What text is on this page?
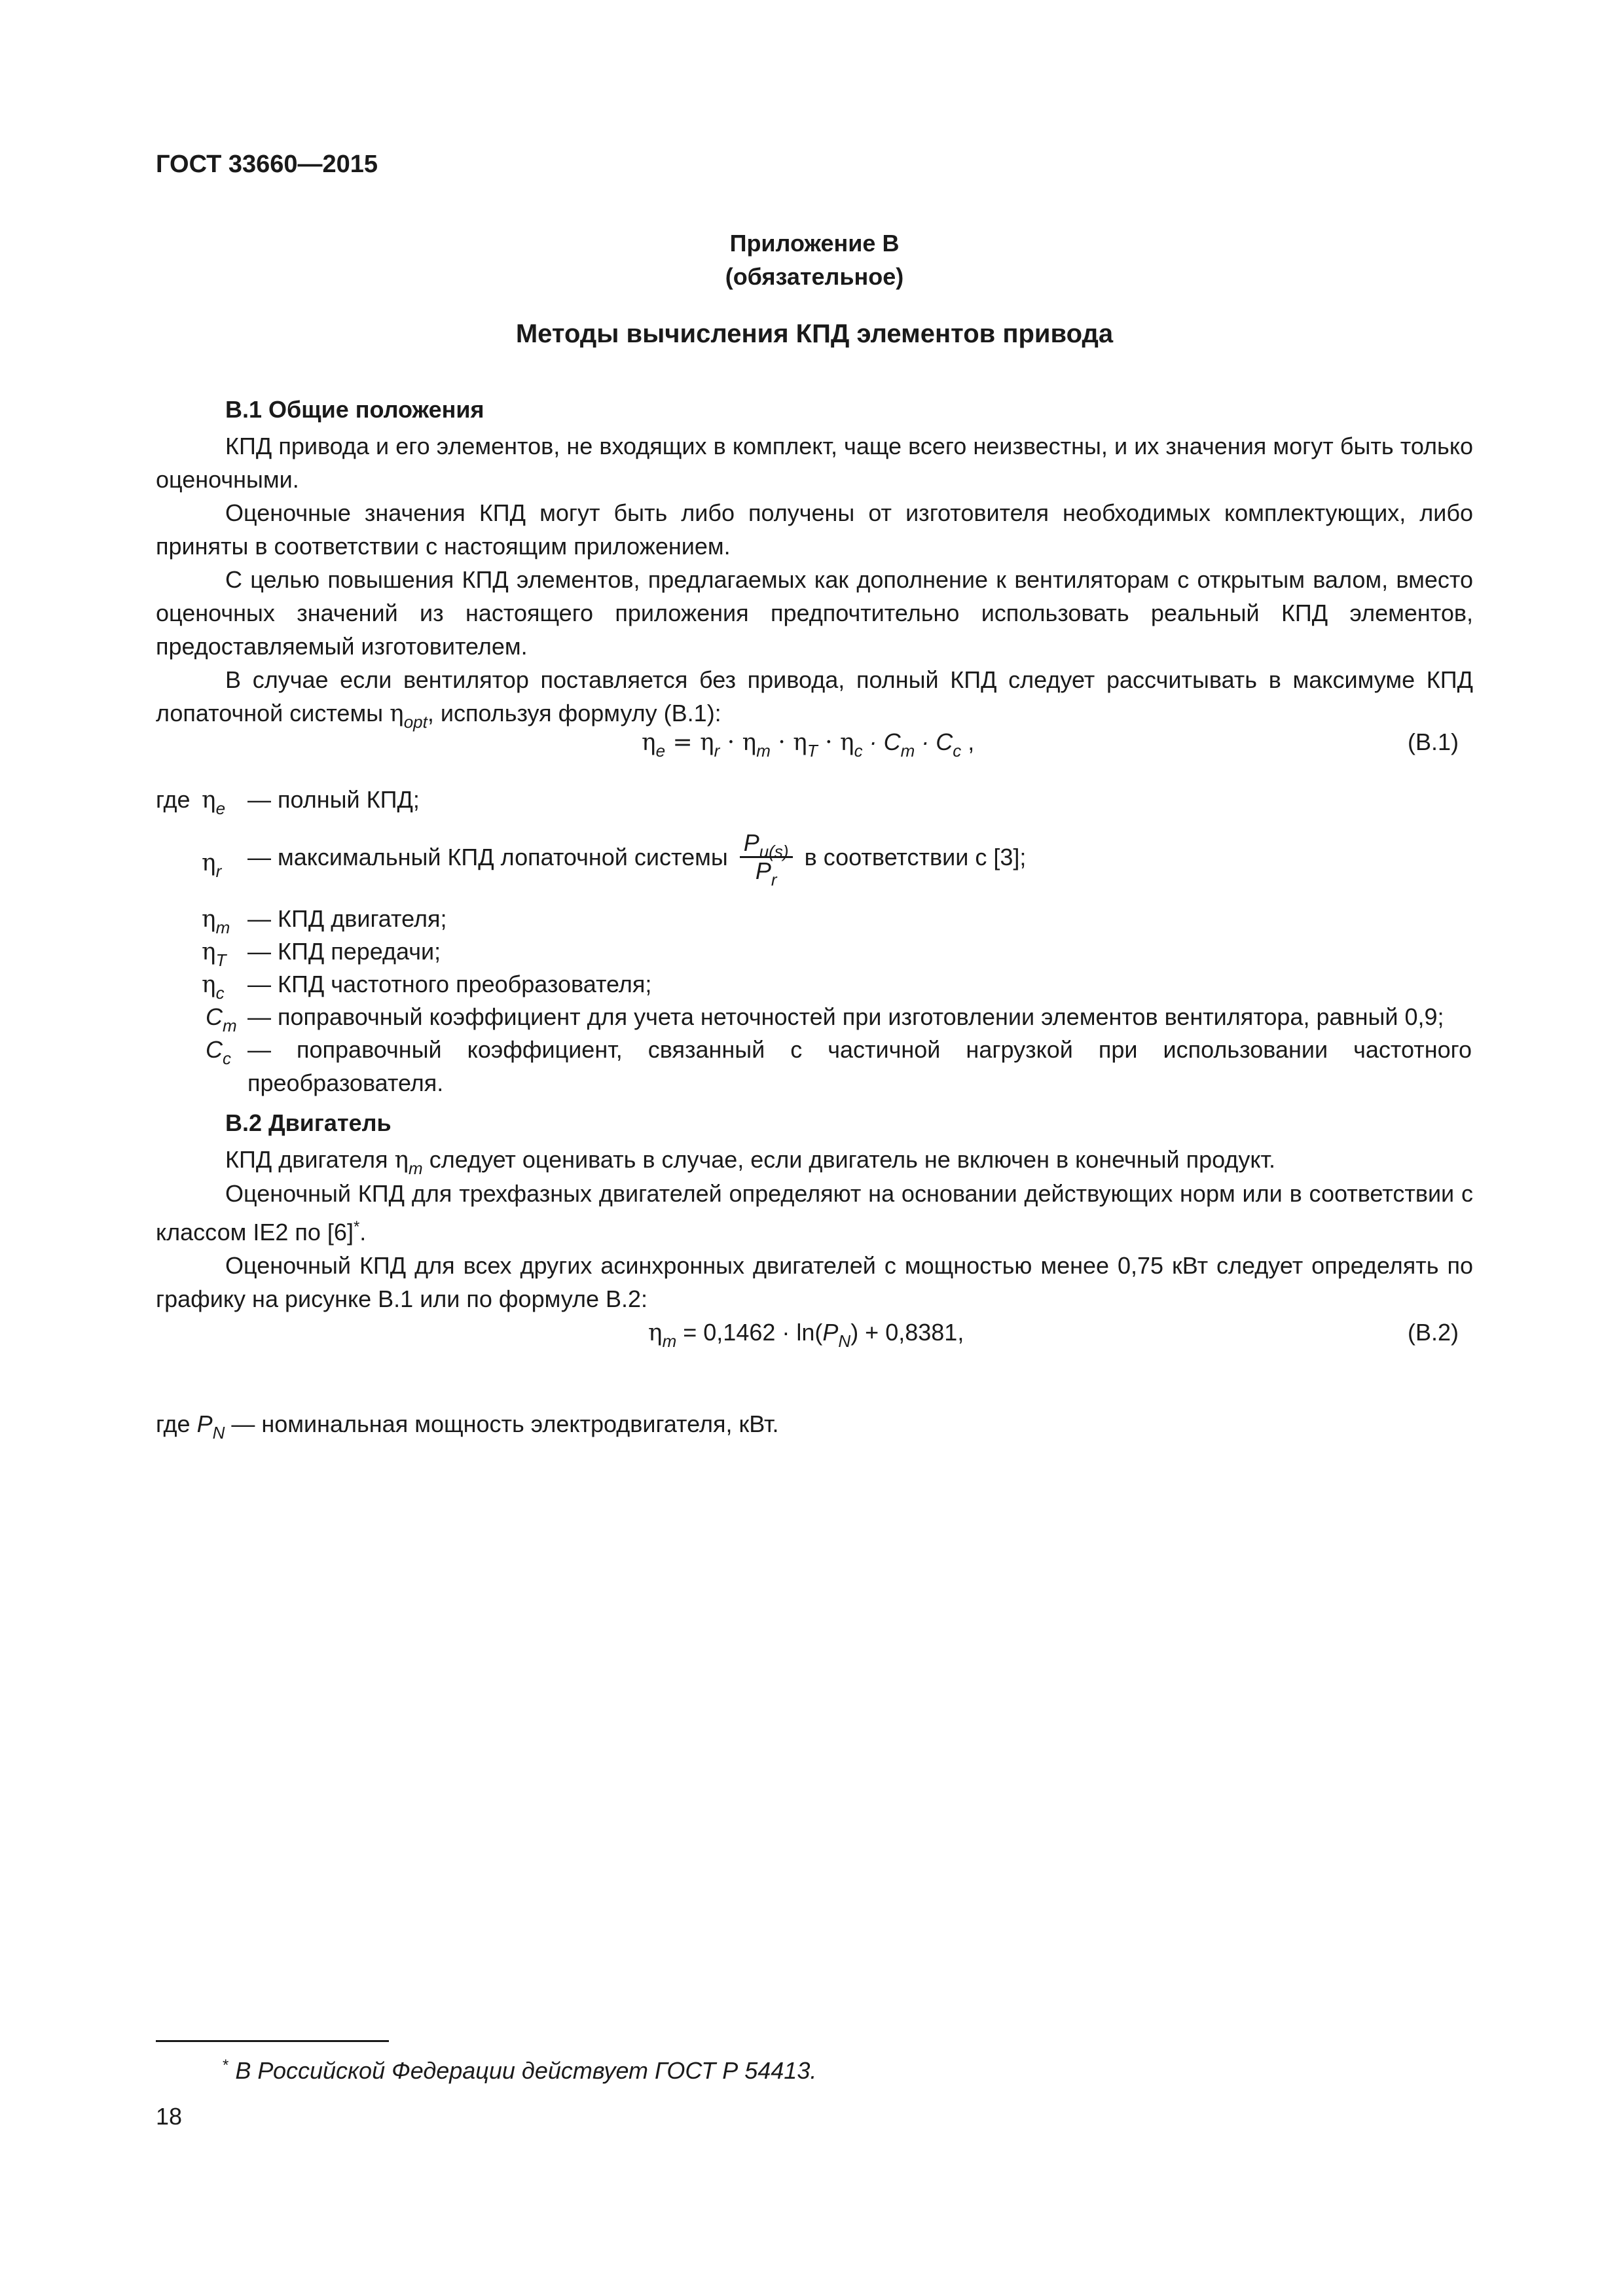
ГОСТ 33660—2015
Приложение В
(обязательное)
Методы вычисления КПД элементов привода
В.1 Общие положения

КПД привода и его элементов, не входящих в комплект, чаще всего неизвестны, и их значения могут быть только оценочными.

Оценочные значения КПД могут быть либо получены от изготовителя необходимых комплектующих, либо приняты в соответствии с настоящим приложением.

С целью повышения КПД элементов, предлагаемых как дополнение к вентиляторам с открытым валом, вместо оценочных значений из настоящего приложения предпочтительно использовать реальный КПД элементов, предоставляемый изготовителем.

В случае если вентилятор поставляется без привода, полный КПД следует рассчитывать в максимуме КПД лопаточной системы $\eta_{opt}$, используя формулу (В.1):

$\eta_e = \eta_r \cdot \eta_m \cdot \eta_T \cdot \eta_c \cdot C_m \cdot C_c$ ,	(В.1)
где $\eta_e$ — полный КПД;
$\eta_r$
— максимальный КПД лопаточной системы $\frac{P_{u(s)}}{P_r}$ в соответствии с [3];
$\eta_m$ — КПД двигателя;
$\eta_T$ — КПД передачи;
$\eta_c$ — КПД частотного преобразователя;
$C_m$ — поправочный коэффициент для учета неточностей при изготовлении элементов вентилятора, равный 0,9;
$C_c$ — поправочный коэффициент, связанный с частичной нагрузкой при использовании частотного преобразователя.
В.2 Двигатель

КПД двигателя $\eta_m$ следует оценивать в случае, если двигатель не включен в конечный продукт.

Оценочный КПД для трехфазных двигателей определяют на основании действующих норм или в соответствии с классом IE2 по [6]*.

Оценочный КПД для всех других асинхронных двигателей с мощностью менее 0,75 кВт следует определять по графику на рисунке В.1 или по формуле В.2:

$\eta_m = 0,1462 \cdot \ln(P_N) + 0,8381$,	(В.2)
где $P_N$ — номинальная мощность электродвигателя, кВт.
* В Российской Федерации действует ГОСТ Р 54413.
18
